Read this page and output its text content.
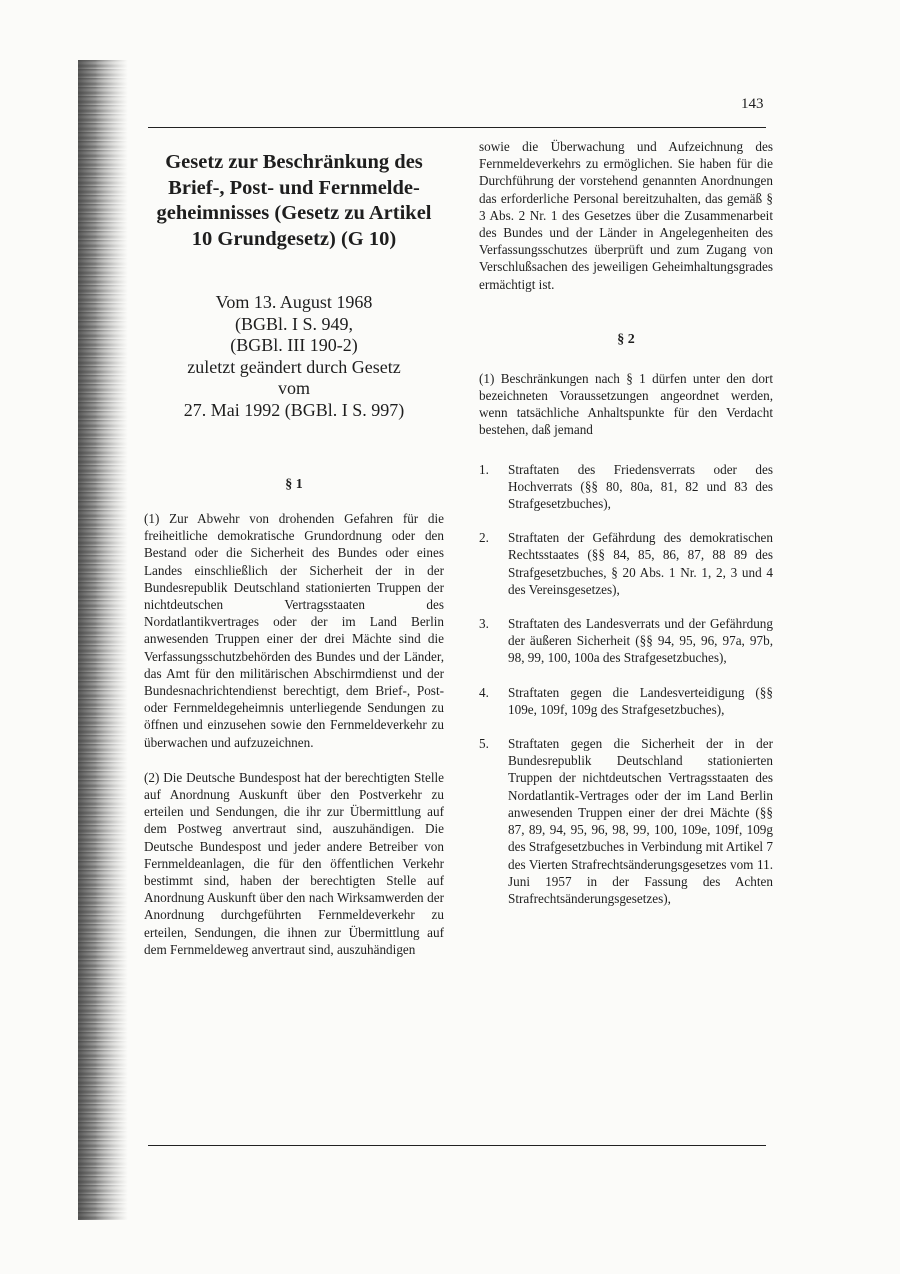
143
Gesetz zur Beschränkung des Brief-, Post- und Fernmelde-geheimnisses (Gesetz zu Artikel 10 Grundgesetz) (G 10)
Vom 13. August 1968
(BGBl. I S. 949,
(BGBl. III 190-2)
zuletzt geändert durch Gesetz
vom
27. Mai 1992 (BGBl. I S. 997)
§ 1

(1) Zur Abwehr von drohenden Gefahren für die freiheitliche demokratische Grundordnung oder den Bestand oder die Sicherheit des Bundes oder eines Landes einschließlich der Sicherheit der in der Bundesrepublik Deutschland stationierten Truppen der nichtdeutschen Vertragsstaaten des Nordatlantikvertrages oder der im Land Berlin anwesenden Truppen einer der drei Mächte sind die Verfassungsschutzbehörden des Bundes und der Länder, das Amt für den militärischen Abschirmdienst und der Bundesnachrichtendienst berechtigt, dem Brief-, Post- oder Fernmeldegeheimnis unterliegende Sendungen zu öffnen und einzusehen sowie den Fernmeldeverkehr zu überwachen und aufzuzeichnen.

(2) Die Deutsche Bundespost hat der berechtigten Stelle auf Anordnung Auskunft über den Postverkehr zu erteilen und Sendungen, die ihr zur Übermittlung auf dem Postweg anvertraut sind, auszuhändigen. Die Deutsche Bundespost und jeder andere Betreiber von Fernmeldeanlagen, die für den öffentlichen Verkehr bestimmt sind, haben der berechtigten Stelle auf Anordnung Auskunft über den nach Wirksamwerden der Anordnung durchgeführten Fernmeldeverkehr zu erteilen, Sendungen, die ihnen zur Übermittlung auf dem Fernmeldeweg anvertraut sind, auszuhändigen

sowie die Überwachung und Aufzeichnung des Fernmeldeverkehrs zu ermöglichen. Sie haben für die Durchführung der vorstehend genannten Anordnungen das erforderliche Personal bereitzuhalten, das gemäß § 3 Abs. 2 Nr. 1 des Gesetzes über die Zusammenarbeit des Bundes und der Länder in Angelegenheiten des Verfassungsschutzes überprüft und zum Zugang von Verschlußsachen des jeweiligen Geheimhaltungsgrades ermächtigt ist.

§ 2

(1) Beschränkungen nach § 1 dürfen unter den dort bezeichneten Voraussetzungen angeordnet werden, wenn tatsächliche Anhaltspunkte für den Verdacht bestehen, daß jemand

1.	Straftaten des Friedensverrats oder des Hochverrats (§§ 80, 80a, 81, 82 und 83 des Strafgesetzbuches),
2.	Straftaten der Gefährdung des demokratischen Rechtsstaates (§§ 84, 85, 86, 87, 88 89 des Strafgesetzbuches, § 20 Abs. 1 Nr. 1, 2, 3 und 4 des Vereinsgesetzes),
3.	Straftaten des Landesverrats und der Gefährdung der äußeren Sicherheit (§§ 94, 95, 96, 97a, 97b, 98, 99, 100, 100a des Strafgesetzbuches),
4.	Straftaten gegen die Landesverteidigung (§§ 109e, 109f, 109g des Strafgesetzbuches),
5.	Straftaten gegen die Sicherheit der in der Bundesrepublik Deutschland stationierten Truppen der nichtdeutschen Vertragsstaaten des Nordatlantik-Vertrages oder der im Land Berlin anwesenden Truppen einer der drei Mächte (§§ 87, 89, 94, 95, 96, 98, 99, 100, 109e, 109f, 109g des Strafgesetzbuches in Verbindung mit Artikel 7 des Vierten Strafrechtsänderungsgesetzes vom 11. Juni 1957 in der Fassung des Achten Strafrechtsänderungsgesetzes),
